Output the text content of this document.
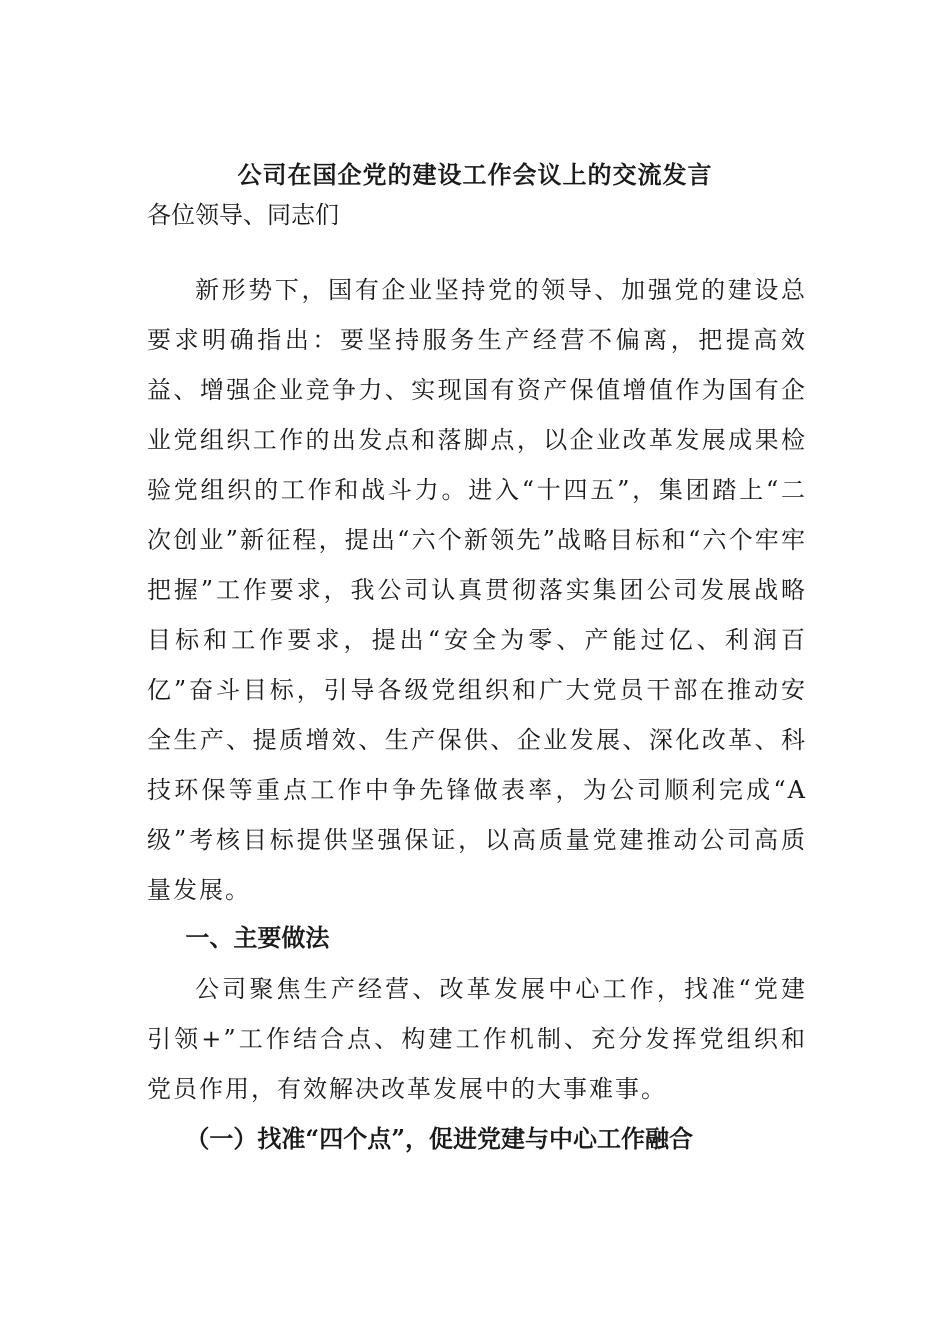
公司在国企党的建设工作会议上的交流发言
各位领导、同志们
新形势下，国有企业坚持党的领导、加强党的建设总要求明确指出：要坚持服务生产经营不偏离，把提高效益、增强企业竞争力、实现国有资产保值增值作为国有企业党组织工作的出发点和落脚点，以企业改革发展成果检验党组织的工作和战斗力。进入“十四五”，集团踏上“二次创业”新征程，提出“六个新领先”战略目标和“六个牢牢把握”工作要求，我公司认真贯彻落实集团公司发展战略目标和工作要求，提出“安全为零、产能过亿、利润百亿”奋斗目标，引导各级党组织和广大党员干部在推动安全生产、提质增效、生产保供、企业发展、深化改革、科技环保等重点工作中争先锋做表率，为公司顺利完成“A级”考核目标提供坚强保证，以高质量党建推动公司高质量发展。
一、主要做法
公司聚焦生产经营、改革发展中心工作，找准“党建引领+”工作结合点、构建工作机制、充分发挥党组织和党员作用，有效解决改革发展中的大事难事。
（一）找准“四个点”，促进党建与中心工作融合
